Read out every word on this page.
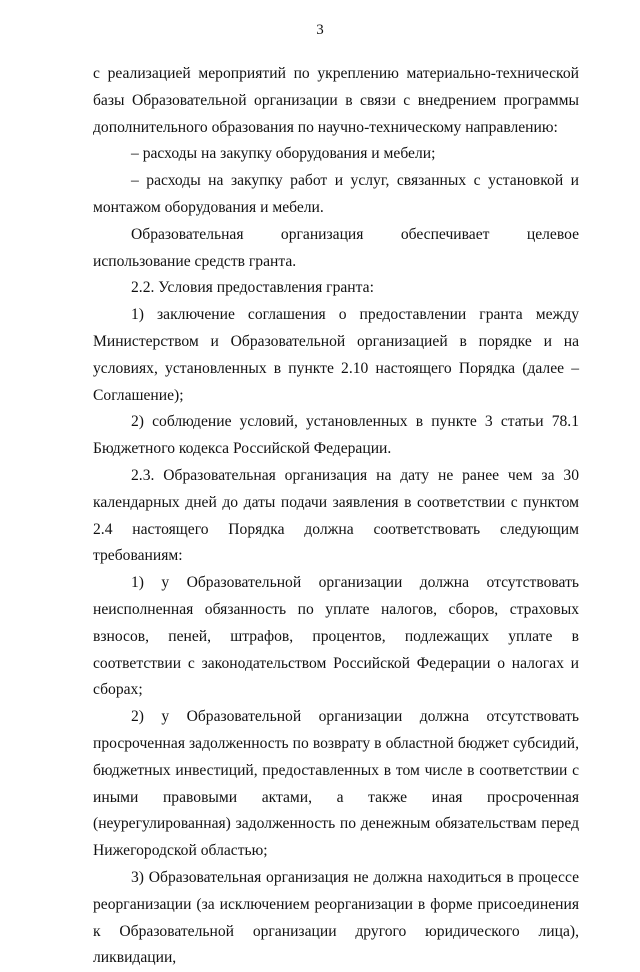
3

с реализацией мероприятий по укреплению материально-технической базы Образовательной организации в связи с внедрением программы дополнительного образования по научно-техническому направлению:

– расходы на закупку оборудования и мебели;

– расходы на закупку работ и услуг, связанных с установкой и монтажом оборудования и мебели.

Образовательная организация обеспечивает целевое использование средств гранта.

2.2. Условия предоставления гранта:

1) заключение соглашения о предоставлении гранта между Министерством и Образовательной организацией в порядке и на условиях, установленных в пункте 2.10 настоящего Порядка (далее – Соглашение);

2) соблюдение условий, установленных в пункте 3 статьи 78.1 Бюджетного кодекса Российской Федерации.

2.3. Образовательная организация на дату не ранее чем за 30 календарных дней до даты подачи заявления в соответствии с пунктом 2.4 настоящего Порядка должна соответствовать следующим требованиям:

1) у Образовательной организации должна отсутствовать неисполненная обязанность по уплате налогов, сборов, страховых взносов, пеней, штрафов, процентов, подлежащих уплате в соответствии с законодательством Российской Федерации о налогах и сборах;

2) у Образовательной организации должна отсутствовать просроченная задолженность по возврату в областной бюджет субсидий, бюджетных инвестиций, предоставленных в том числе в соответствии с иными правовыми актами, а также иная просроченная (неурегулированная) задолженность по денежным обязательствам перед Нижегородской областью;

3) Образовательная организация не должна находиться в процессе реорганизации (за исключением реорганизации в форме присоединения к Образовательной организации другого юридического лица), ликвидации,
